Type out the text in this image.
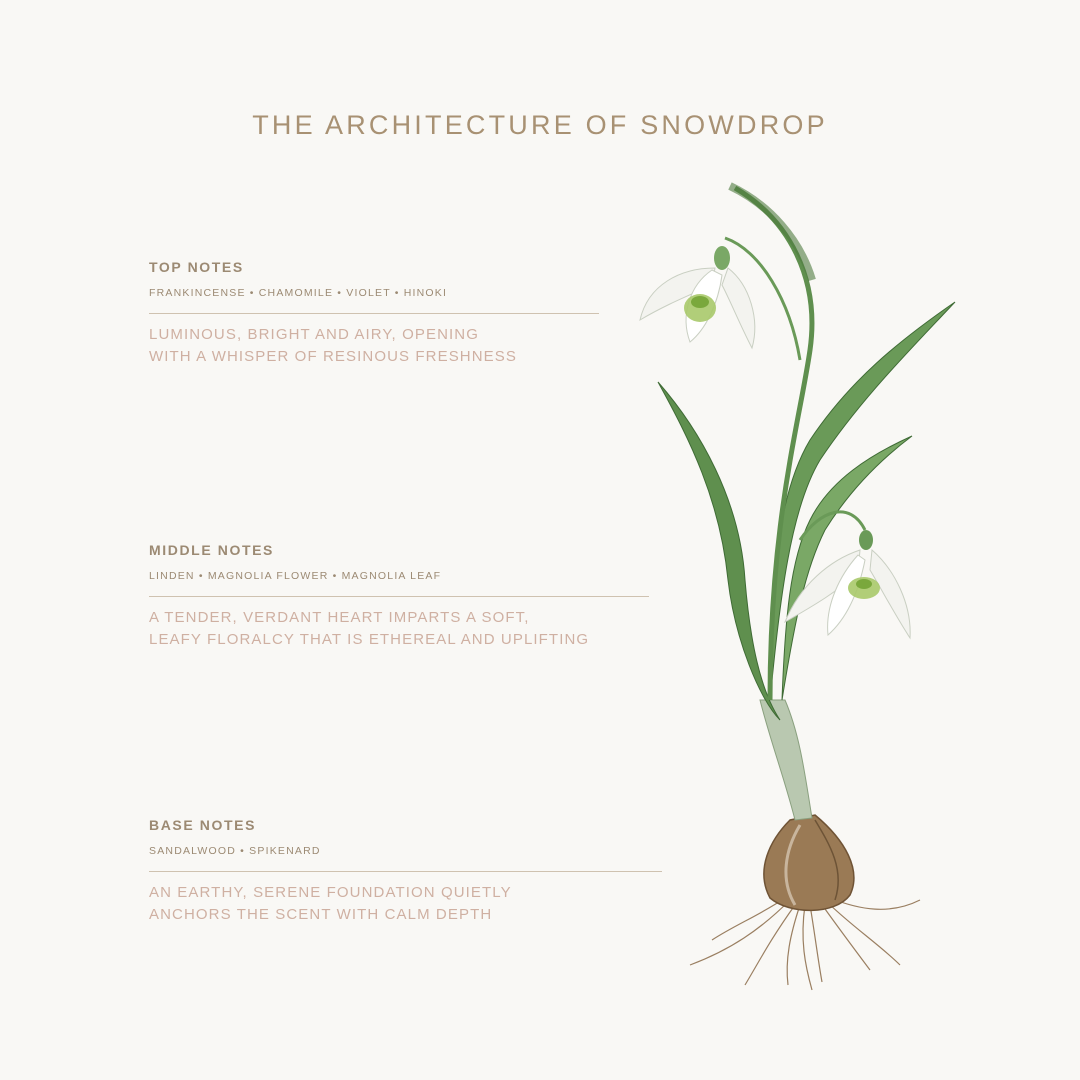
THE ARCHITECTURE OF SNOWDROP
TOP NOTES
FRANKINCENSE • CHAMOMILE • VIOLET • HINOKI
LUMINOUS, BRIGHT AND AIRY, OPENING
WITH A WHISPER OF RESINOUS FRESHNESS
MIDDLE NOTES
LINDEN • MAGNOLIA FLOWER • MAGNOLIA LEAF
A TENDER, VERDANT HEART IMPARTS A SOFT,
LEAFY FLORALCY THAT IS ETHEREAL AND UPLIFTING
BASE NOTES
SANDALWOOD • SPIKENARD
AN EARTHY, SERENE FOUNDATION QUIETLY
ANCHORS THE SCENT WITH CALM DEPTH
